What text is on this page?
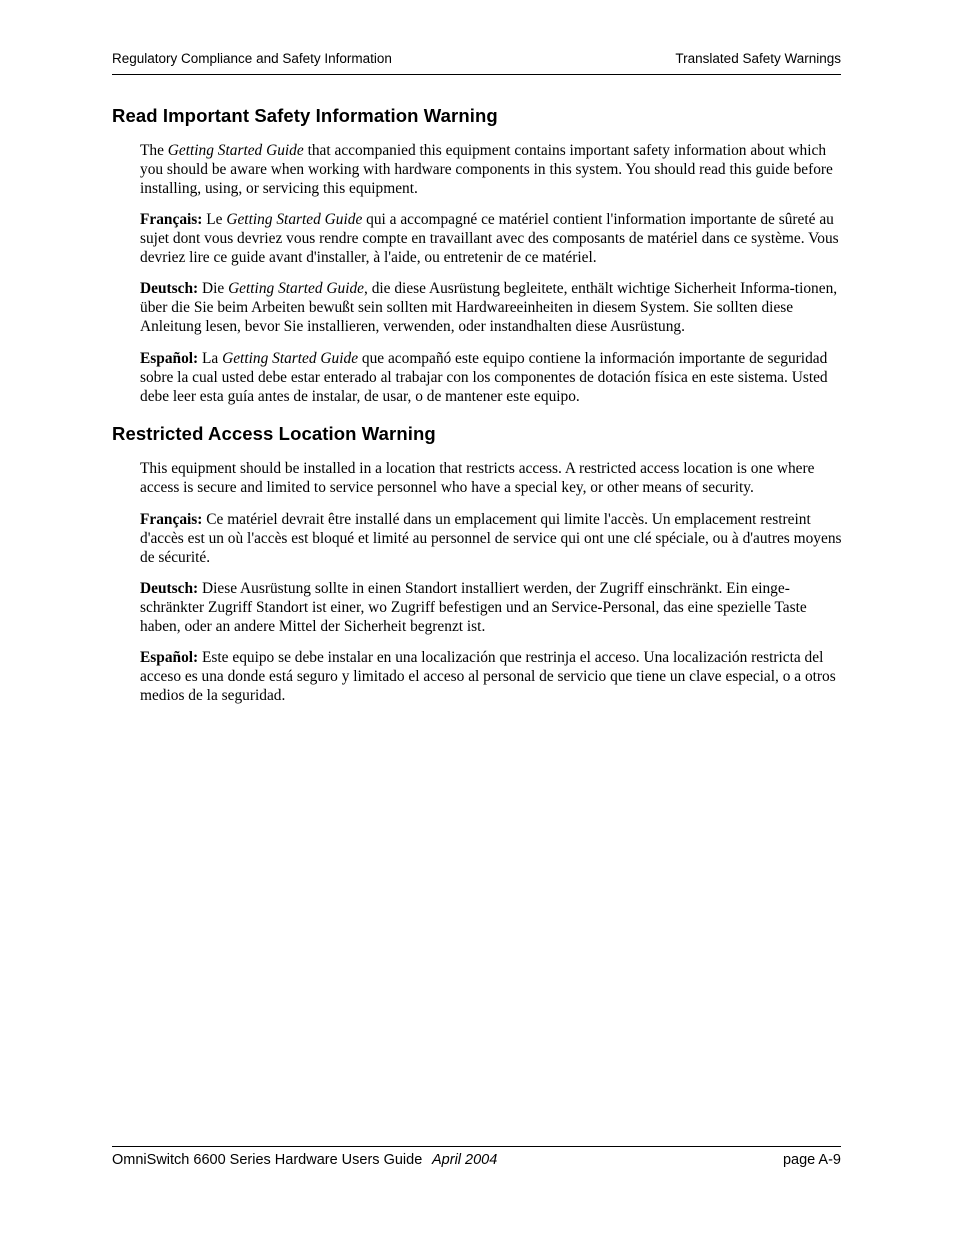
Regulatory Compliance and Safety Information	Translated Safety Warnings
Read Important Safety Information Warning

The Getting Started Guide that accompanied this equipment contains important safety information about which you should be aware when working with hardware components in this system. You should read this guide before installing, using, or servicing this equipment.

Français: Le Getting Started Guide qui a accompagné ce matériel contient l'information importante de sûreté au sujet dont vous devriez vous rendre compte en travaillant avec des composants de matériel dans ce système. Vous devriez lire ce guide avant d'installer, à l'aide, ou entretenir de ce matériel.

Deutsch: Die Getting Started Guide, die diese Ausrüstung begleitete, enthält wichtige Sicherheit Informa-tionen, über die Sie beim Arbeiten bewußt sein sollten mit Hardwareeinheiten in diesem System. Sie sollten diese Anleitung lesen, bevor Sie installieren, verwenden, oder instandhalten diese Ausrüstung.

Español: La Getting Started Guide que acompañó este equipo contiene la información importante de seguridad sobre la cual usted debe estar enterado al trabajar con los componentes de dotación física en este sistema. Usted debe leer esta guía antes de instalar, de usar, o de mantener este equipo.

Restricted Access Location Warning

This equipment should be installed in a location that restricts access. A restricted access location is one where access is secure and limited to service personnel who have a special key, or other means of security.

Français: Ce matériel devrait être installé dans un emplacement qui limite l'accès. Un emplacement restreint d'accès est un où l'accès est bloqué et limité au personnel de service qui ont une clé spéciale, ou à d'autres moyens de sécurité.

Deutsch: Diese Ausrüstung sollte in einen Standort installiert werden, der Zugriff einschränkt. Ein einge-schränkter Zugriff Standort ist einer, wo Zugriff befestigen und an Service-Personal, das eine spezielle Taste haben, oder an andere Mittel der Sicherheit begrenzt ist.

Español: Este equipo se debe instalar en una localización que restrinja el acceso. Una localización restricta del acceso es una donde está seguro y limitado el acceso al personal de servicio que tiene un clave especial, o a otros medios de la seguridad.

OmniSwitch 6600 Series Hardware Users Guide April 2004	page A-9
